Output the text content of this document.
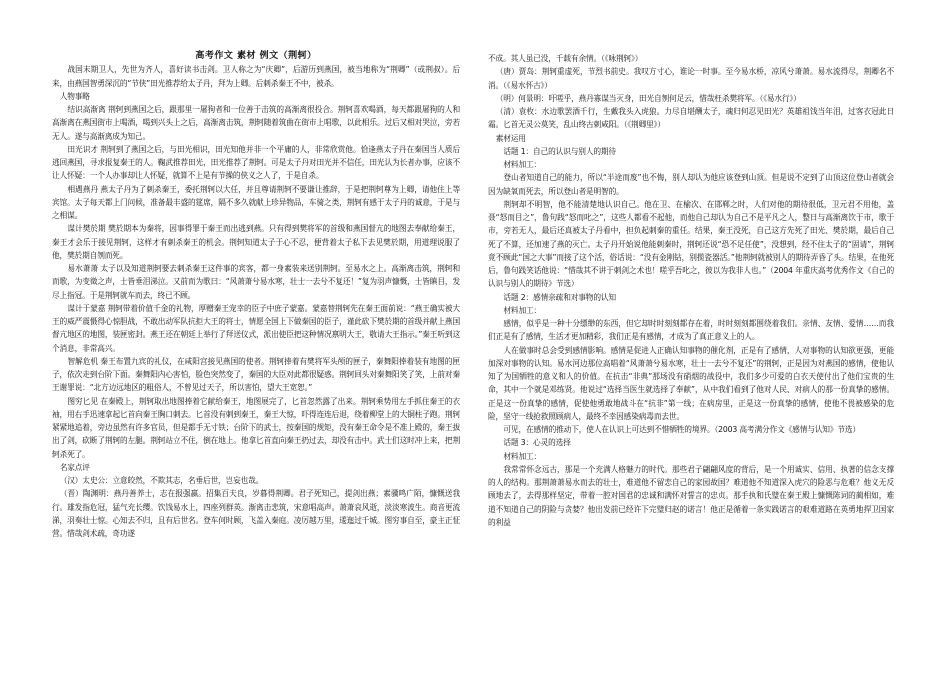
高考作文 素材 例文（荆轲）

战国末期卫人，先世为齐人，喜好读书击剑。卫人称之为“庆卿”，后游历到燕国，被当地称为“荆卿”（或荆叔）。后来，由燕国智勇深沉的“节侠”田光推荐给太子丹，拜为上卿。后刺杀秦王不中，被杀。

人物事略

结识高渐离 荆轲到燕国之后，跟那里一屠狗者和一位善于击筑的高渐离很投合。荆轲喜欢喝酒，每天都跟屠狗的人和高渐离在燕国街市上喝酒，喝到兴头上之后，高渐离击筑，荆轲随着筑曲在街市上唱歌，以此相乐。过后又相对哭泣，旁若无人。遂与高渐离成为知己。

田光识才 荆轲到了燕国之后，与田光相识，田光知他并非一个平庸的人，非常欣赏他。恰逢燕太子丹在秦国当人质后逃回燕国，寻求报复秦王的人。鞠武推荐田光，田光推荐了荆轲。可是太子丹对田光并不信任，田光认为长者办事，应该不让人怀疑：一个人办事却让人怀疑，就算不上是有节操的侠义之人了，于是自杀。

相遇燕丹 燕太子丹为了刺杀秦王，委托荆轲以大任，并且尊请荆轲不要谦让推辞，于是把荆轲尊为上卿，请他住上等宾馆。太子每天都上门问候，准备最丰盛的筵席，隔不多久就献上珍异物品，车骑之类，荆轲有感于太子丹的诚意，于是与之相谋。

谋计樊於期 樊於期本为秦将，因事得罪于秦王而出逃到燕。只有得到樊将军的首级和燕国督亢的地图去奉献给秦王，秦王才会乐于接见荆轲，这样才有刺杀秦王的机会。荆轲知道太子于心不忍，便背着太子私下去见樊於期，用道理说服了他，樊於期自刎而死。

易水萧萧 太子以及知道荆轲要去刺杀秦王这件事的宾客，都一身素装来送别荆轲。至易水之上。高渐离击筑，荆轲和而歌，为变徵之声，士皆垂泪涕泣。又前而为歌曰：“风萧萧兮易水寒，壮士一去兮不复还！”复为羽声慷慨，士皆瞋目，发尽上指冠。于是荆轲就车而去，终已不顾。

谋计于蒙嘉 荆轲带着价值千金的礼物，厚赠秦王宠幸的臣子中庶子蒙嘉。蒙嘉替荆轲先在秦王面前说：“燕王确实被大王的威严震慑得心惊胆战，不敢出动军队抗拒大王的将士，情愿全国上下做秦国的臣子，谨此砍下樊於期的首级并献上燕国督亢地区的地图，装匣密封。燕王还在朝廷上举行了拜送仪式，派出使臣把这种情况禀明大王，敬请大王指示。”秦王听到这个消息，非常高兴。

智解危机 秦王布置九宾的礼仪，在咸阳宫接见燕国的使者。荆轲捧着有樊将军头颅的匣子，秦舞阳捧着装有地图的匣子，依次走到台阶下面。秦舞阳内心害怕，脸色突然变了，秦国的大臣对此都很疑惑。荆轲回头对秦舞阳笑了笑，上前对秦王谢罪说：“北方边远地区的粗俗人，不曾见过天子，所以害怕，望大王宽恕。”

图穷匕见 在秦殿上，荆轲取出地图捧着它献给秦王，地图展完了，匕首忽然露了出来。荆轲乘势用左手抓住秦王的衣袖，用右手迅速拿起匕首向秦王胸口刺去。匕首没有刺到秦王，秦王大惊，吓得连连后退，绕着柳堂上的大铜柱子跑。荆轲紧紧地追着，旁边虽然有许多官员，但是都手无寸铁；台阶下的武士，按秦国的规矩，没有秦王命令是不准上殿的，秦王拔出了剑，砍断了荆轲的左腿。荆轲站立不住，倒在地上。他拿匕首直向秦王扔过去，却没有击中。武士们这时冲上来，把荆轲杀死了。

名家点评

（汉）太史公：立意皎然，不欺其志，名垂后世，岂妄也哉。

（晋）陶渊明：燕丹善养士，志在报强嬴。招集百夫良，岁暮得荆卿。君子死知己，提剑出燕；素骥鸣广陌，慷慨送我行。雄发指危冠，猛气充长缨。饮饯易水上，四座列群英。渐离击悲筑，宋意唱高声。萧萧哀风逝，淡淡寒波生。商音更流涕，羽奏壮士惊。心知去不归，且有后世名。登车何时顾，飞盖入秦庭。凌厉越万里，逶迤过千城。图穷事自至，豪主正怔营。惜哉剑术疏，奇功遂

不成。其人虽已没，千载有余情。（《咏荆轲》）

（唐）贾岛：荆轲重虚死，节烈书前史。我叹方寸心，谁论一时事。至今易水桥，凉风兮萧萧。易水流得尽，荆卿名不消。（《易水怀古》）

（明）何景明：吁嗟乎，燕丹寡谋当灭身，田光自刎何足云，惜哉枉杀樊将军。（《易水行》）

（清）袁枚：水边歌罢酒千行，生戴我头入虎狼。力尽自堪酬太子，魂归何忍见田光？英雄祖饯当年泪，过客衣冠此日霜。匕首无灵公莫笑，乱山终古刺咸阳。（《荆卿里》）

素材运用

话题 1：自己的认识与别人的期待

材料加工：

登山者知道自己的能力，所以“半途而废”也不悔，别人却认为他应该登到山顶。但是说不定到了山顶这位登山者就会因为缺氧而死去，所以登山者是明智的。

荆轲却不明智，他不能清楚地认识自己。他在卫、在榆次、在邯郸之时，人们对他的期待很低，卫元君不用他，盖聂“怒而目之”，鲁句践“怒而叱之”，这些人都看不起他，而他自己却认为自己不是平凡之人，整日与高渐离饮于市，歌于市，旁若无人，最后还真被太子丹看中，担负起刺秦的重任。结果，秦王没死，自己这方先死了田光、樊於期，最后自己死了不算，还加速了燕的灭亡。太子丹开始说他能刺秦时，荆轲还说“恐不足任使”，没想到，经不住太子的“固请”，荆轲竟不顾此“国之大事”而接了这个活，俗话说：“没有金刚钻，别揽瓷器活。”他荆轲就被别人的期待弄昏了头。结果，在他死后，鲁句践笑话他说：“惜哉其不讲于刺剑之术也！嗟乎吾叱之，彼以为我非人也。”（2004 年重庆高考优秀作文《自己的认识与别人的期待》节选）

话题 2：感情亲疏和对事物的认知

材料加工：

感情，似乎是一种十分缥缈的东西，但它却时时刻刻都存在着，时时刻刻都围绕着我们。亲情、友情、爱情……而我们正是有了感情，生活才更加精彩，我们正是有感情，才成为了真正意义上的人。

人在做事时总会受到感情影响。感情是促进人正确认知事物的催化剂，正是有了感情，人对事物的认知欲更强，更能加深对事物的认知。易水河边那位高唱着“风萧萧兮易水寒，壮士一去兮不复还”的荆轲，正是因为对燕国的感情，使他认知了为国牺牲的意义和人的价值。在抗击“非典”那场没有硝烟的战役中，我们多少可爱的白衣天使付出了他们宝贵的生命，其中一个就是邓练贤。他说过“选择当医生就选择了奉献”，从中我们看到了他对人民、对病人的那一份真挚的感情。正是这一份真挚的感情，促使他勇敢地战斗在“抗非”第一线；在病房里，正是这一份真挚的感情，使他不畏被感染的危险，坚守一线抢救照顾病人，最终不幸因感染病毒而去世。

可见，在感情的推动下，使人在认识上可达到不惜牺牲的境界。（2003 高考满分作文《感情与认知》节选）

话题 3：心灵的选择

材料加工：

我常常怀念远古，那是一个充满人格魅力的时代。那些君子翩翩风度的背后，是一个用诚实、信用、执著的信念支撑的人的结构。那荆萧萧易水而去的壮士，难道他不留恋自己的家园故国？难道他不知道深入虎穴的险恶与危难？他义无反顾地去了，去得那样坚定，带着一腔对国君的忠诚和满怀对誓言的忠贞。那手执和氏璧在秦王殿上慷慨陈词的蔺相如，难道不知道自己的阴险与贪婪？他出发前已经许下完璧归赵的诺言！他正是循着一条实践诺言的艰难道路在英勇地捍卫国家的利益
